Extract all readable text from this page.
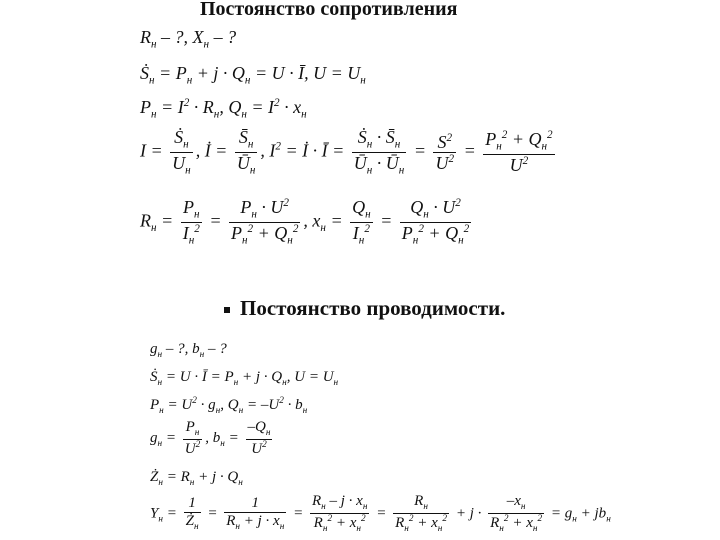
Постоянство сопротивления
$R_н$ – ?, $X_н$ – ?
Ṡ$_н$ = $P_н + j \cdot Q_н = U$ · Ī, $U = U_н$
$P_н = I^2 \cdot R_н$, $Q_н = I^2 \cdot x_н$
$I = \frac{Ṡ_н}{U_н}$ , İ = $\frac{S̄_н}{Ū_н}$ , $I^2$ = İ · Ī = $\frac{Ṡ_н \cdot S̄_н}{Ū_н \cdot Ū_н} = \frac{S^2}{U^2} = \frac{P_н^2 + Q_н^2}{U^2}$
$R_н = \frac{P_н}{I_н^2} = \frac{P_н \cdot U^2}{P_н^2 + Q_н^2}$ , $x_н = \frac{Q_н}{I_н^2} = \frac{Q_н \cdot U^2}{P_н^2 + Q_н^2}$
Постоянство проводимости.
$g_н$ – ?, $b_н$ – ?
Ṡ$_н$ = U · Ī = $P_н + j \cdot Q_н$, $U = U_н$
$P_н = U^2 \cdot g_н$, $Q_н = -U^2 \cdot b_н$
$g_н = \frac{P_н}{U^2}$ , $b_н = \frac{-Q_н}{U^2}$
$Ż_н = R_н + j \cdot Q_н$
$Y_н = \frac{1}{Ż_н} = \frac{1}{R_н + j \cdot x_н} = \frac{R_н - j \cdot x_н}{R_н^2 + x_н^2} = \frac{R_н}{R_н^2 + x_н^2} + j \cdot \frac{-x_н}{R_н^2 + x_н^2} = g_н + jb_н$
